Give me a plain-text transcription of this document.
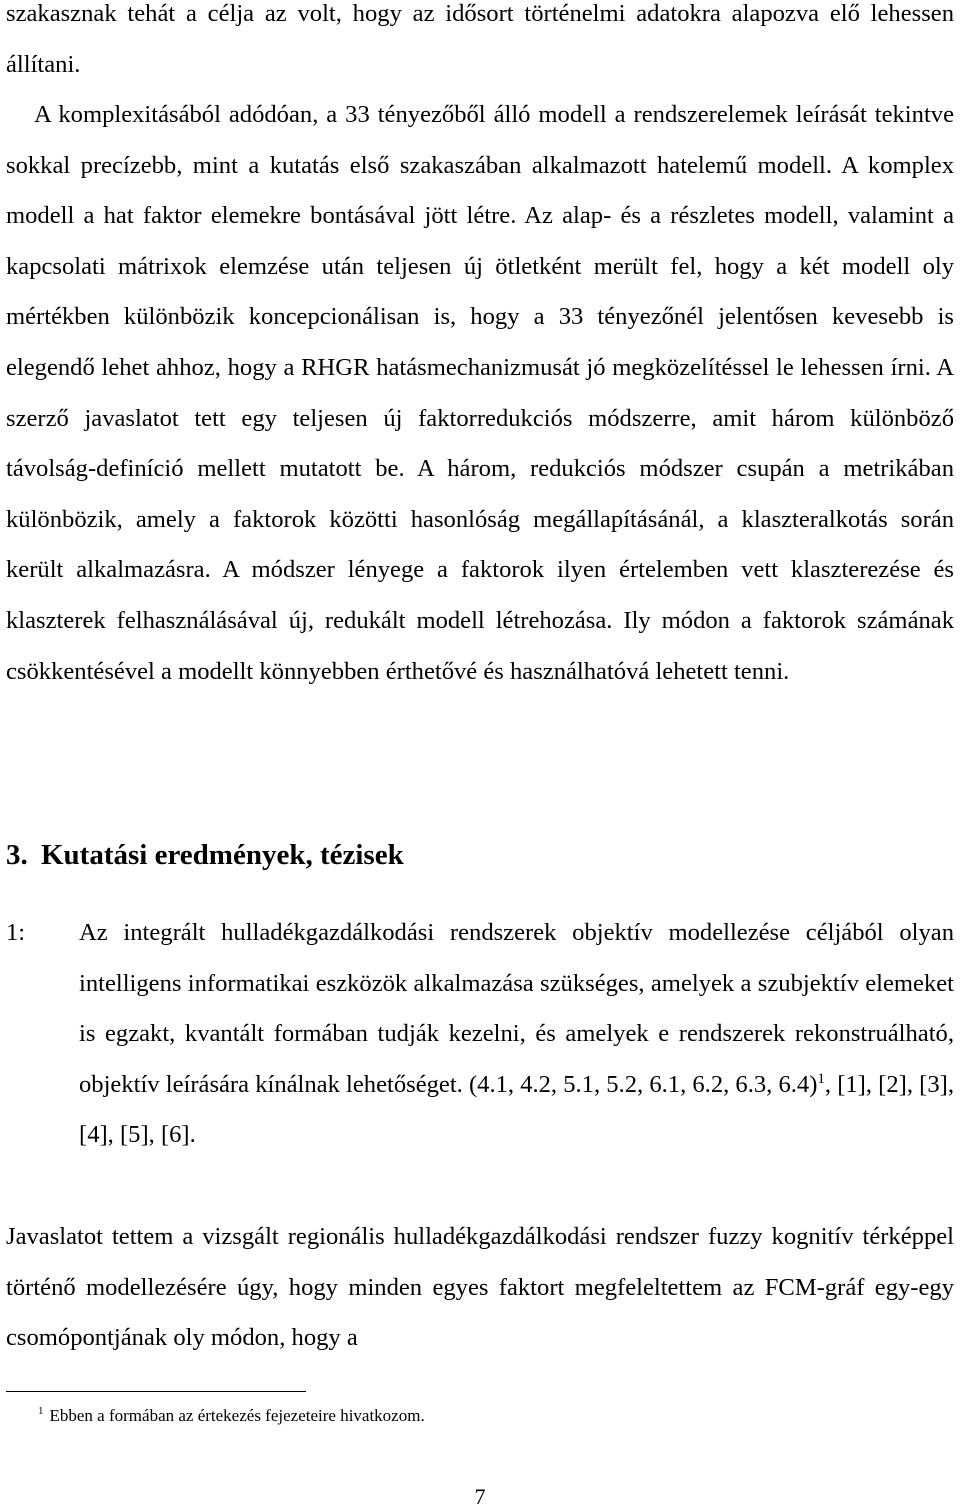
szakasznak tehát a célja az volt, hogy az idősort történelmi adatokra alapozva elő lehessen állítani.

A komplexitásából adódóan, a 33 tényezőből álló modell a rendszerelemek leírását tekintve sokkal precízebb, mint a kutatás első szakaszában alkalmazott hatelemű modell. A komplex modell a hat faktor elemekre bontásával jött létre. Az alap- és a részletes modell, valamint a kapcsolati mátrixok elemzése után teljesen új ötletként merült fel, hogy a két modell oly mértékben különbözik koncepcionálisan is, hogy a 33 tényezőnél jelentősen kevesebb is elegendő lehet ahhoz, hogy a RHGR hatásmechanizmusát jó megközelítéssel le lehessen írni. A szerző javaslatot tett egy teljesen új faktorredukciós módszerre, amit három különböző távolság-definíció mellett mutatott be. A három, redukciós módszer csupán a metrikában különbözik, amely a faktorok közötti hasonlóság megállapításánál, a klaszteralkotás során került alkalmazásra. A módszer lényege a faktorok ilyen értelemben vett klaszterezése és klaszterek felhasználásával új, redukált modell létrehozása. Ily módon a faktorok számának csökkentésével a modellt könnyebben érthetővé és használhatóvá lehetett tenni.

3. Kutatási eredmények, tézisek
1: Az integrált hulladékgazdálkodási rendszerek objektív modellezése céljából olyan intelligens informatikai eszközök alkalmazása szükséges, amelyek a szubjektív elemeket is egzakt, kvantált formában tudják kezelni, és amelyek e rendszerek rekonstruálható, objektív leírására kínálnak lehetőséget. (4.1, 4.2, 5.1, 5.2, 6.1, 6.2, 6.3, 6.4)$^1$, [1], [2], [3], [4], [5], [6].

Javaslatot tettem a vizsgált regionális hulladékgazdálkodási rendszer fuzzy kognitív térképpel történő modellezésére úgy, hogy minden egyes faktort megfeleltettem az FCM-gráf egy-egy csomópontjának oly módon, hogy a

$^1$ Ebben a formában az értekezés fejezeteire hivatkozom.

7
